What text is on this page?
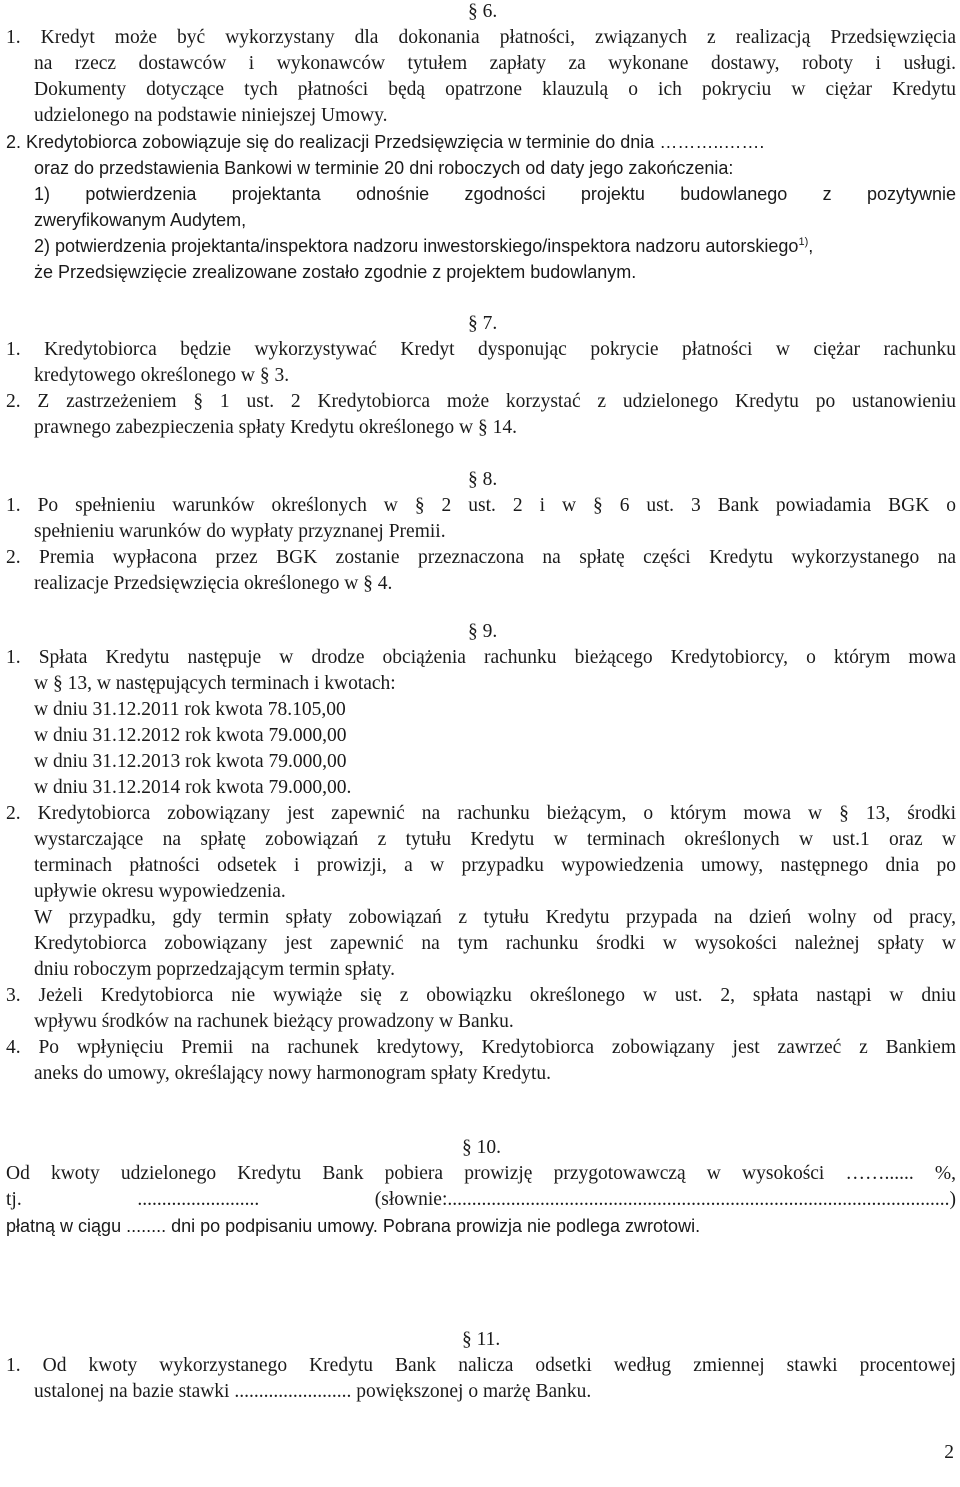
§ 6.
1. Kredyt może być wykorzystany dla dokonania płatności, związanych z realizacją Przedsięwzięcia
na rzecz dostawców i wykonawców tytułem zapłaty za wykonane dostawy, roboty i usługi.
Dokumenty dotyczące tych płatności będą opatrzone klauzulą o ich pokryciu w ciężar Kredytu
udzielonego na podstawie niniejszej Umowy.
2. Kredytobiorca zobowiązuje się do realizacji Przedsięwzięcia w terminie do dnia ………..…….
oraz do przedstawienia Bankowi w terminie 20 dni roboczych od daty jego zakończenia:
1) potwierdzenia projektanta odnośnie zgodności projektu budowlanego z pozytywnie
zweryfikowanym Audytem,
2) potwierdzenia projektanta/inspektora nadzoru inwestorskiego/inspektora nadzoru autorskiego$^{1)}$,
że Przedsięwzięcie zrealizowane zostało zgodnie z projektem budowlanym.
§ 7.
1. Kredytobiorca będzie wykorzystywać Kredyt dysponując pokrycie płatności w ciężar rachunku
kredytowego określonego w § 3.
2. Z zastrzeżeniem § 1 ust. 2 Kredytobiorca może korzystać z udzielonego Kredytu po ustanowieniu
prawnego zabezpieczenia spłaty Kredytu określonego w § 14.
§ 8.
1. Po spełnieniu warunków określonych w § 2 ust. 2 i w § 6 ust. 3 Bank powiadamia BGK o
spełnieniu warunków do wypłaty przyznanej Premii.
2. Premia wypłacona przez BGK zostanie przeznaczona na spłatę części Kredytu wykorzystanego na
realizacje Przedsięwzięcia określonego w § 4.
§ 9.
1. Spłata Kredytu następuje w drodze obciążenia rachunku bieżącego Kredytobiorcy, o którym mowa
w § 13, w następujących terminach i kwotach:
w dniu 31.12.2011 rok kwota 78.105,00
w dniu 31.12.2012 rok kwota 79.000,00
w dniu 31.12.2013 rok kwota 79.000,00
w dniu 31.12.2014 rok kwota 79.000,00.
2. Kredytobiorca zobowiązany jest zapewnić na rachunku bieżącym, o którym mowa w § 13, środki
wystarczające na spłatę zobowiązań z tytułu Kredytu w terminach określonych w ust.1 oraz w
terminach płatności odsetek i prowizji, a w przypadku wypowiedzenia umowy, następnego dnia po
upływie okresu wypowiedzenia.
W przypadku, gdy termin spłaty zobowiązań z tytułu Kredytu przypada na dzień wolny od pracy,
Kredytobiorca zobowiązany jest zapewnić na tym rachunku środki w wysokości należnej spłaty w
dniu roboczym poprzedzającym termin spłaty.
3. Jeżeli Kredytobiorca nie wywiąże się z obowiązku określonego w ust. 2, spłata nastąpi w dniu
wpływu środków na rachunek bieżący prowadzony w Banku.
4. Po wpłynięciu Premii na rachunek kredytowy, Kredytobiorca zobowiązany jest zawrzeć z Bankiem
aneks do umowy, określający nowy harmonogram spłaty Kredytu.
§ 10.
Od kwoty udzielonego Kredytu Bank pobiera prowizję przygotowawczą w wysokości ……...... %,
tj. ......................... (słownie:.......................................................................................................)
płatną w ciągu ........ dni po podpisaniu umowy. Pobrana prowizja nie podlega zwrotowi.
§ 11.
1. Od kwoty wykorzystanego Kredytu Bank nalicza odsetki według zmiennej stawki procentowej
ustalonej na bazie stawki ........................ powiększonej o marżę Banku.
2
